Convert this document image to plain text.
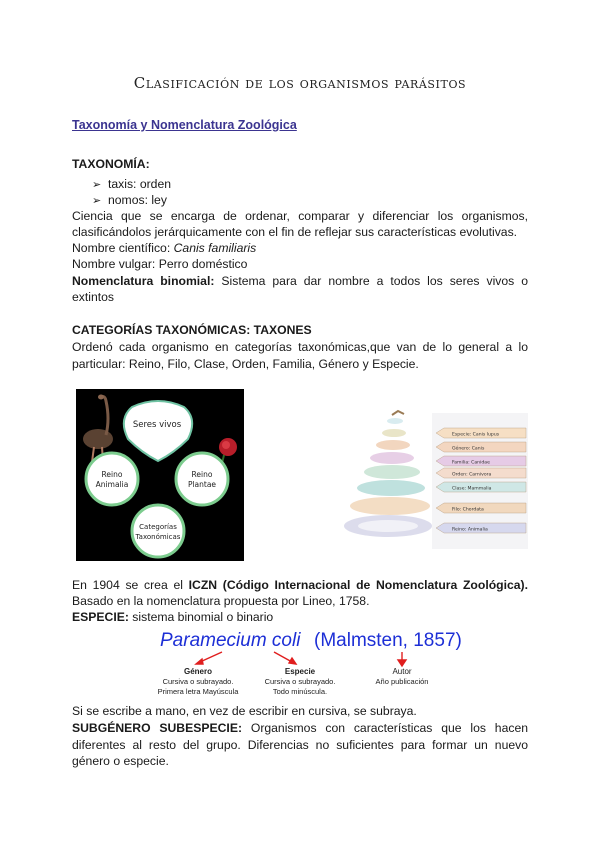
Clasificación de los organismos parásitos
Taxonomía y Nomenclatura Zoológica
TAXONOMÍA:
➢ taxis: orden
➢ nomos: ley
Ciencia que se encarga de ordenar, comparar y diferenciar los organismos,
clasificándolos jerárquicamente con el fin de reflejar sus características evolutivas.
Nombre científico: Canis familiaris
Nombre vulgar: Perro doméstico
Nomenclatura binomial: Sistema para dar nombre a todos los seres vivos o
extintos
CATEGORÍAS TAXONÓMICAS: TAXONES
Ordenó cada organismo en categorías taxonómicas,que van de lo general a lo
particular: Reino, Filo, Clase, Orden, Familia, Género y Especie.
Seres vivos
Reino
Animalia
Reino
Plantae
Categorías
Taxonómicas
Especie: Canis lupus
Género: Canis
Familia: Canidae
Orden: Carnivora
Clase: Mammalia
Filo: Chordata
Reino: Animalia
En 1904 se crea el ICZN (Código Internacional de Nomenclatura Zoológica).
Basado en la nomenclatura propuesta por Lineo, 1758.
ESPECIE: sistema binomial o binario
Paramecium coli (Malmsten, 1857)
Género
Cursiva o subrayado.
Primera letra Mayúscula
Especie
Cursiva o subrayado.
Todo minúscula.
Autor
Año publicación
Si se escribe a mano, en vez de escribir en cursiva, se subraya.
SUBGÉNERO SUBESPECIE: Organismos con características que los hacen
diferentes al resto del grupo. Diferencias no suficientes para formar un nuevo
género o especie.
